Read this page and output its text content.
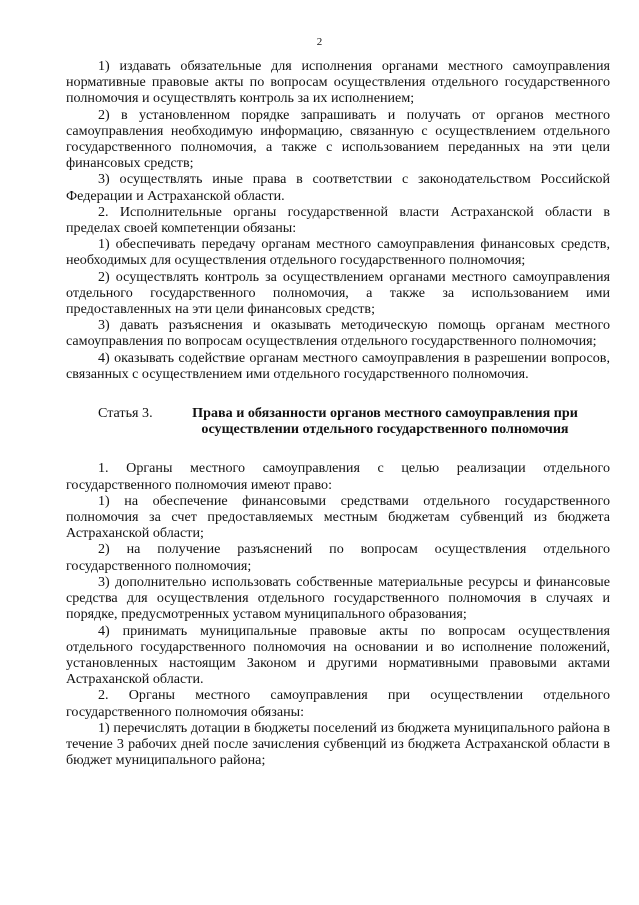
2

1) издавать обязательные для исполнения органами местного самоуправления нормативные правовые акты по вопросам осуществления отдельного государственного полномочия и осуществлять контроль за их исполнением;

2) в установленном порядке запрашивать и получать от органов местного самоуправления необходимую информацию, связанную с осуществлением отдельного государственного полномочия, а также с использованием переданных на эти цели финансовых средств;

3) осуществлять иные права в соответствии с законодательством Российской Федерации и Астраханской области.

2. Исполнительные органы государственной власти Астраханской области в пределах своей компетенции обязаны:

1) обеспечивать передачу органам местного самоуправления финансовых средств, необходимых для осуществления отдельного государственного полномочия;

2) осуществлять контроль за осуществлением органами местного самоуправления отдельного государственного полномочия, а также за использованием ими предоставленных на эти цели финансовых средств;

3) давать разъяснения и оказывать методическую помощь органам местного самоуправления по вопросам осуществления отдельного государственного полномочия;

4) оказывать содействие органам местного самоуправления в разрешении вопросов, связанных с осуществлением ими отдельного государственного полномочия.

Статья 3.	Права и обязанности органов местного самоуправления при осуществлении отдельного государственного полномочия

1. Органы местного самоуправления с целью реализации отдельного государственного полномочия имеют право:

1) на обеспечение финансовыми средствами отдельного государственного полномочия за счет предоставляемых местным бюджетам субвенций из бюджета Астраханской области;

2) на получение разъяснений по вопросам осуществления отдельного государственного полномочия;

3) дополнительно использовать собственные материальные ресурсы и финансовые средства для осуществления отдельного государственного полномочия в случаях и порядке, предусмотренных уставом муниципального образования;

4) принимать муниципальные правовые акты по вопросам осуществления отдельного государственного полномочия на основании и во исполнение положений, установленных настоящим Законом и другими нормативными правовыми актами Астраханской области.

2. Органы местного самоуправления при осуществлении отдельного государственного полномочия обязаны:

1) перечислять дотации в бюджеты поселений из бюджета муниципального района в течение 3 рабочих дней после зачисления субвенций из бюджета Астраханской области в бюджет муниципального района;
